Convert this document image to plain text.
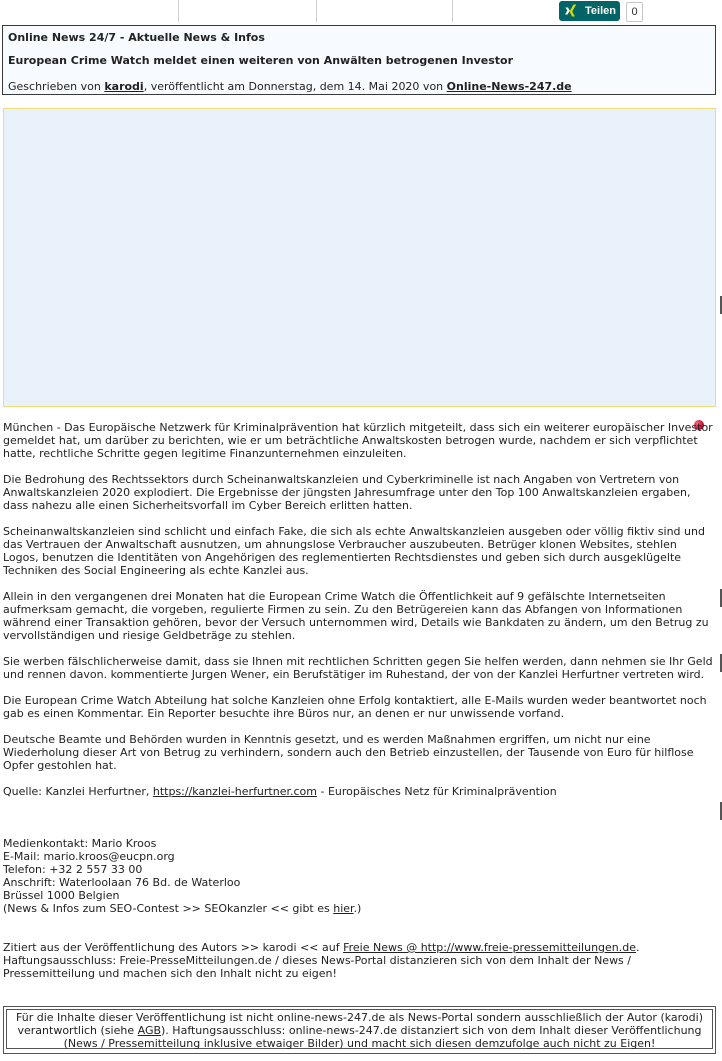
Teilen	0
Online News 24/7 - Aktuelle News & Infos
European Crime Watch meldet einen weiteren von Anwälten betrogenen Investor
Geschrieben von karodi, veröffentlicht am Donnerstag, dem 14. Mai 2020 von Online-News-247.de

München - Das Europäische Netzwerk für Kriminalprävention hat kürzlich mitgeteilt, dass sich ein weiterer europäischer Investor gemeldet hat, um darüber zu berichten, wie er um beträchtliche Anwaltskosten betrogen wurde, nachdem er sich verpflichtet hatte, rechtliche Schritte gegen legitime Finanzunternehmen einzuleiten.

Die Bedrohung des Rechtssektors durch Scheinanwaltskanzleien und Cyberkriminelle ist nach Angaben von Vertretern von Anwaltskanzleien 2020 explodiert. Die Ergebnisse der jüngsten Jahresumfrage unter den Top 100 Anwaltskanzleien ergaben, dass nahezu alle einen Sicherheitsvorfall im Cyber Bereich erlitten hatten.

Scheinanwaltskanzleien sind schlicht und einfach Fake, die sich als echte Anwaltskanzleien ausgeben oder völlig fiktiv sind und das Vertrauen der Anwaltschaft ausnutzen, um ahnungslose Verbraucher auszubeuten. Betrüger klonen Websites, stehlen Logos, benutzen die Identitäten von Angehörigen des reglementierten Rechtsdienstes und geben sich durch ausgeklügelte Techniken des Social Engineering als echte Kanzlei aus.

Allein in den vergangenen drei Monaten hat die European Crime Watch die Öffentlichkeit auf 9 gefälschte Internetseiten aufmerksam gemacht, die vorgeben, regulierte Firmen zu sein. Zu den Betrügereien kann das Abfangen von Informationen während einer Transaktion gehören, bevor der Versuch unternommen wird, Details wie Bankdaten zu ändern, um den Betrug zu vervollständigen und riesige Geldbeträge zu stehlen.

Sie werben fälschlicherweise damit, dass sie Ihnen mit rechtlichen Schritten gegen Sie helfen werden, dann nehmen sie Ihr Geld und rennen davon. kommentierte Jurgen Wener, ein Berufstätiger im Ruhestand, der von der Kanzlei Herfurtner vertreten wird.

Die European Crime Watch Abteilung hat solche Kanzleien ohne Erfolg kontaktiert, alle E-Mails wurden weder beantwortet noch gab es einen Kommentar. Ein Reporter besuchte ihre Büros nur, an denen er nur unwissende vorfand.

Deutsche Beamte und Behörden wurden in Kenntnis gesetzt, und es werden Maßnahmen ergriffen, um nicht nur eine Wiederholung dieser Art von Betrug zu verhindern, sondern auch den Betrieb einzustellen, der Tausende von Euro für hilflose Opfer gestohlen hat.

Quelle: Kanzlei Herfurtner, https://kanzlei-herfurtner.com - Europäisches Netz für Kriminalprävention

Medienkontakt: Mario Kroos
E-Mail: mario.kroos@eucpn.org
Telefon: +32 2 557 33 00
Anschrift: Waterloolaan 76 Bd. de Waterloo
Brüssel 1000 Belgien
(News & Infos zum SEO-Contest >> SEOkanzler << gibt es hier.)
Zitiert aus der Veröffentlichung des Autors >> karodi << auf Freie News @ http://www.freie-pressemitteilungen.de.
Haftungsausschluss: Freie-PresseMitteilungen.de / dieses News-Portal distanzieren sich von dem Inhalt der News / Pressemitteilung und machen sich den Inhalt nicht zu eigen!
Für die Inhalte dieser Veröffentlichung ist nicht online-news-247.de als News-Portal sondern ausschließlich der Autor (karodi) verantwortlich (siehe AGB). Haftungsausschluss: online-news-247.de distanziert sich von dem Inhalt dieser Veröffentlichung (News / Pressemitteilung inklusive etwaiger Bilder) und macht sich diesen demzufolge auch nicht zu Eigen!
